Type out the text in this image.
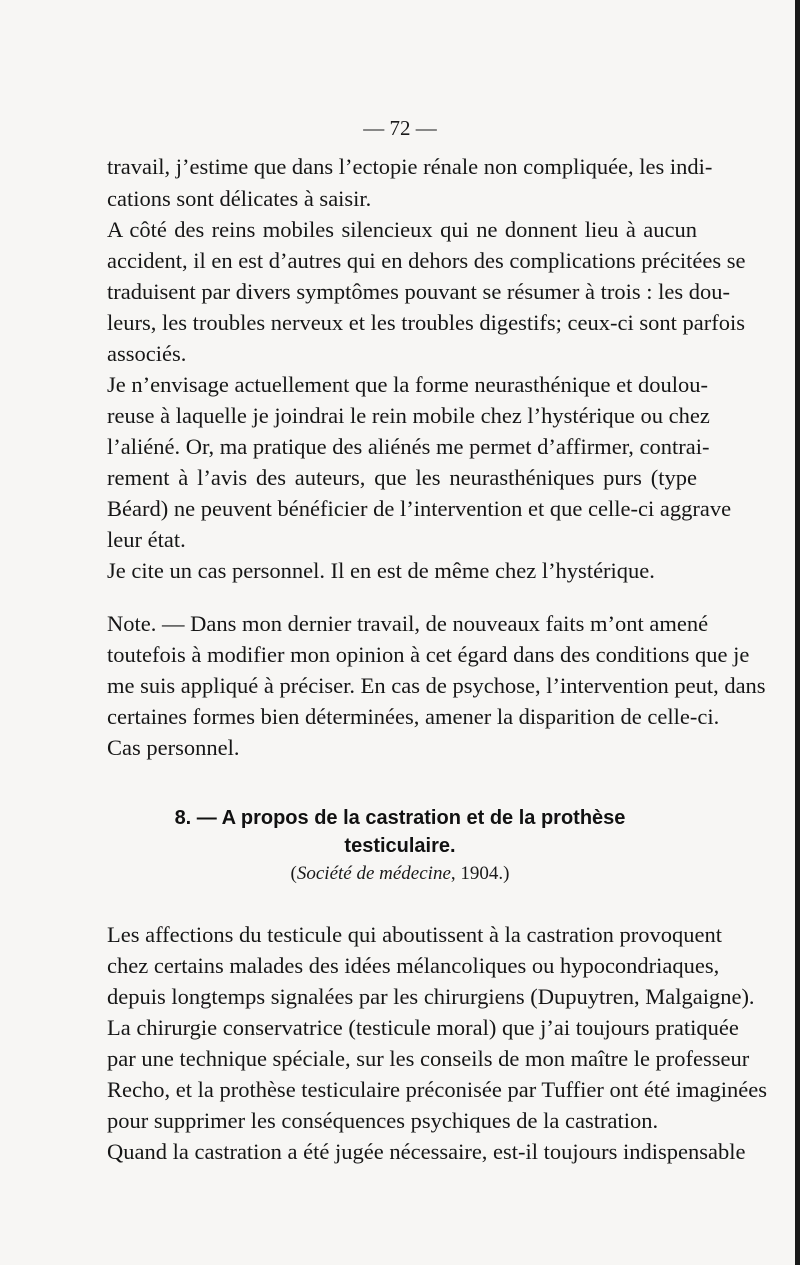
— 72 —
travail, j’estime que dans l’ectopie rénale non compliquée, les indi-
cations sont délicates à saisir.
A côté des reins mobiles silencieux qui ne donnent lieu à aucun
accident, il en est d’autres qui en dehors des complications précitées se
traduisent par divers symptômes pouvant se résumer à trois : les dou-
leurs, les troubles nerveux et les troubles digestifs; ceux-ci sont parfois
associés.
Je n’envisage actuellement que la forme neurasthénique et doulou-
reuse à laquelle je joindrai le rein mobile chez l’hystérique ou chez
l’aliéné. Or, ma pratique des aliénés me permet d’affirmer, contrai-
rement à l’avis des auteurs, que les neurasthéniques purs (type
Béard) ne peuvent bénéficier de l’intervention et que celle-ci aggrave
leur état.
Je cite un cas personnel. Il en est de même chez l’hystérique.
Note. — Dans mon dernier travail, de nouveaux faits m’ont amené
toutefois à modifier mon opinion à cet égard dans des conditions que je
me suis appliqué à préciser. En cas de psychose, l’intervention peut, dans
certaines formes bien déterminées, amener la disparition de celle-ci.
Cas personnel.
8. — A propos de la castration et de la prothèse
testiculaire.
(Société de médecine, 1904.)
Les affections du testicule qui aboutissent à la castration provoquent
chez certains malades des idées mélancoliques ou hypocondriaques,
depuis longtemps signalées par les chirurgiens (Dupuytren, Malgaigne).
La chirurgie conservatrice (testicule moral) que j’ai toujours pratiquée
par une technique spéciale, sur les conseils de mon maître le professeur
Recho, et la prothèse testiculaire préconisée par Tuffier ont été imaginées
pour supprimer les conséquences psychiques de la castration.
Quand la castration a été jugée nécessaire, est-il toujours indispensable
